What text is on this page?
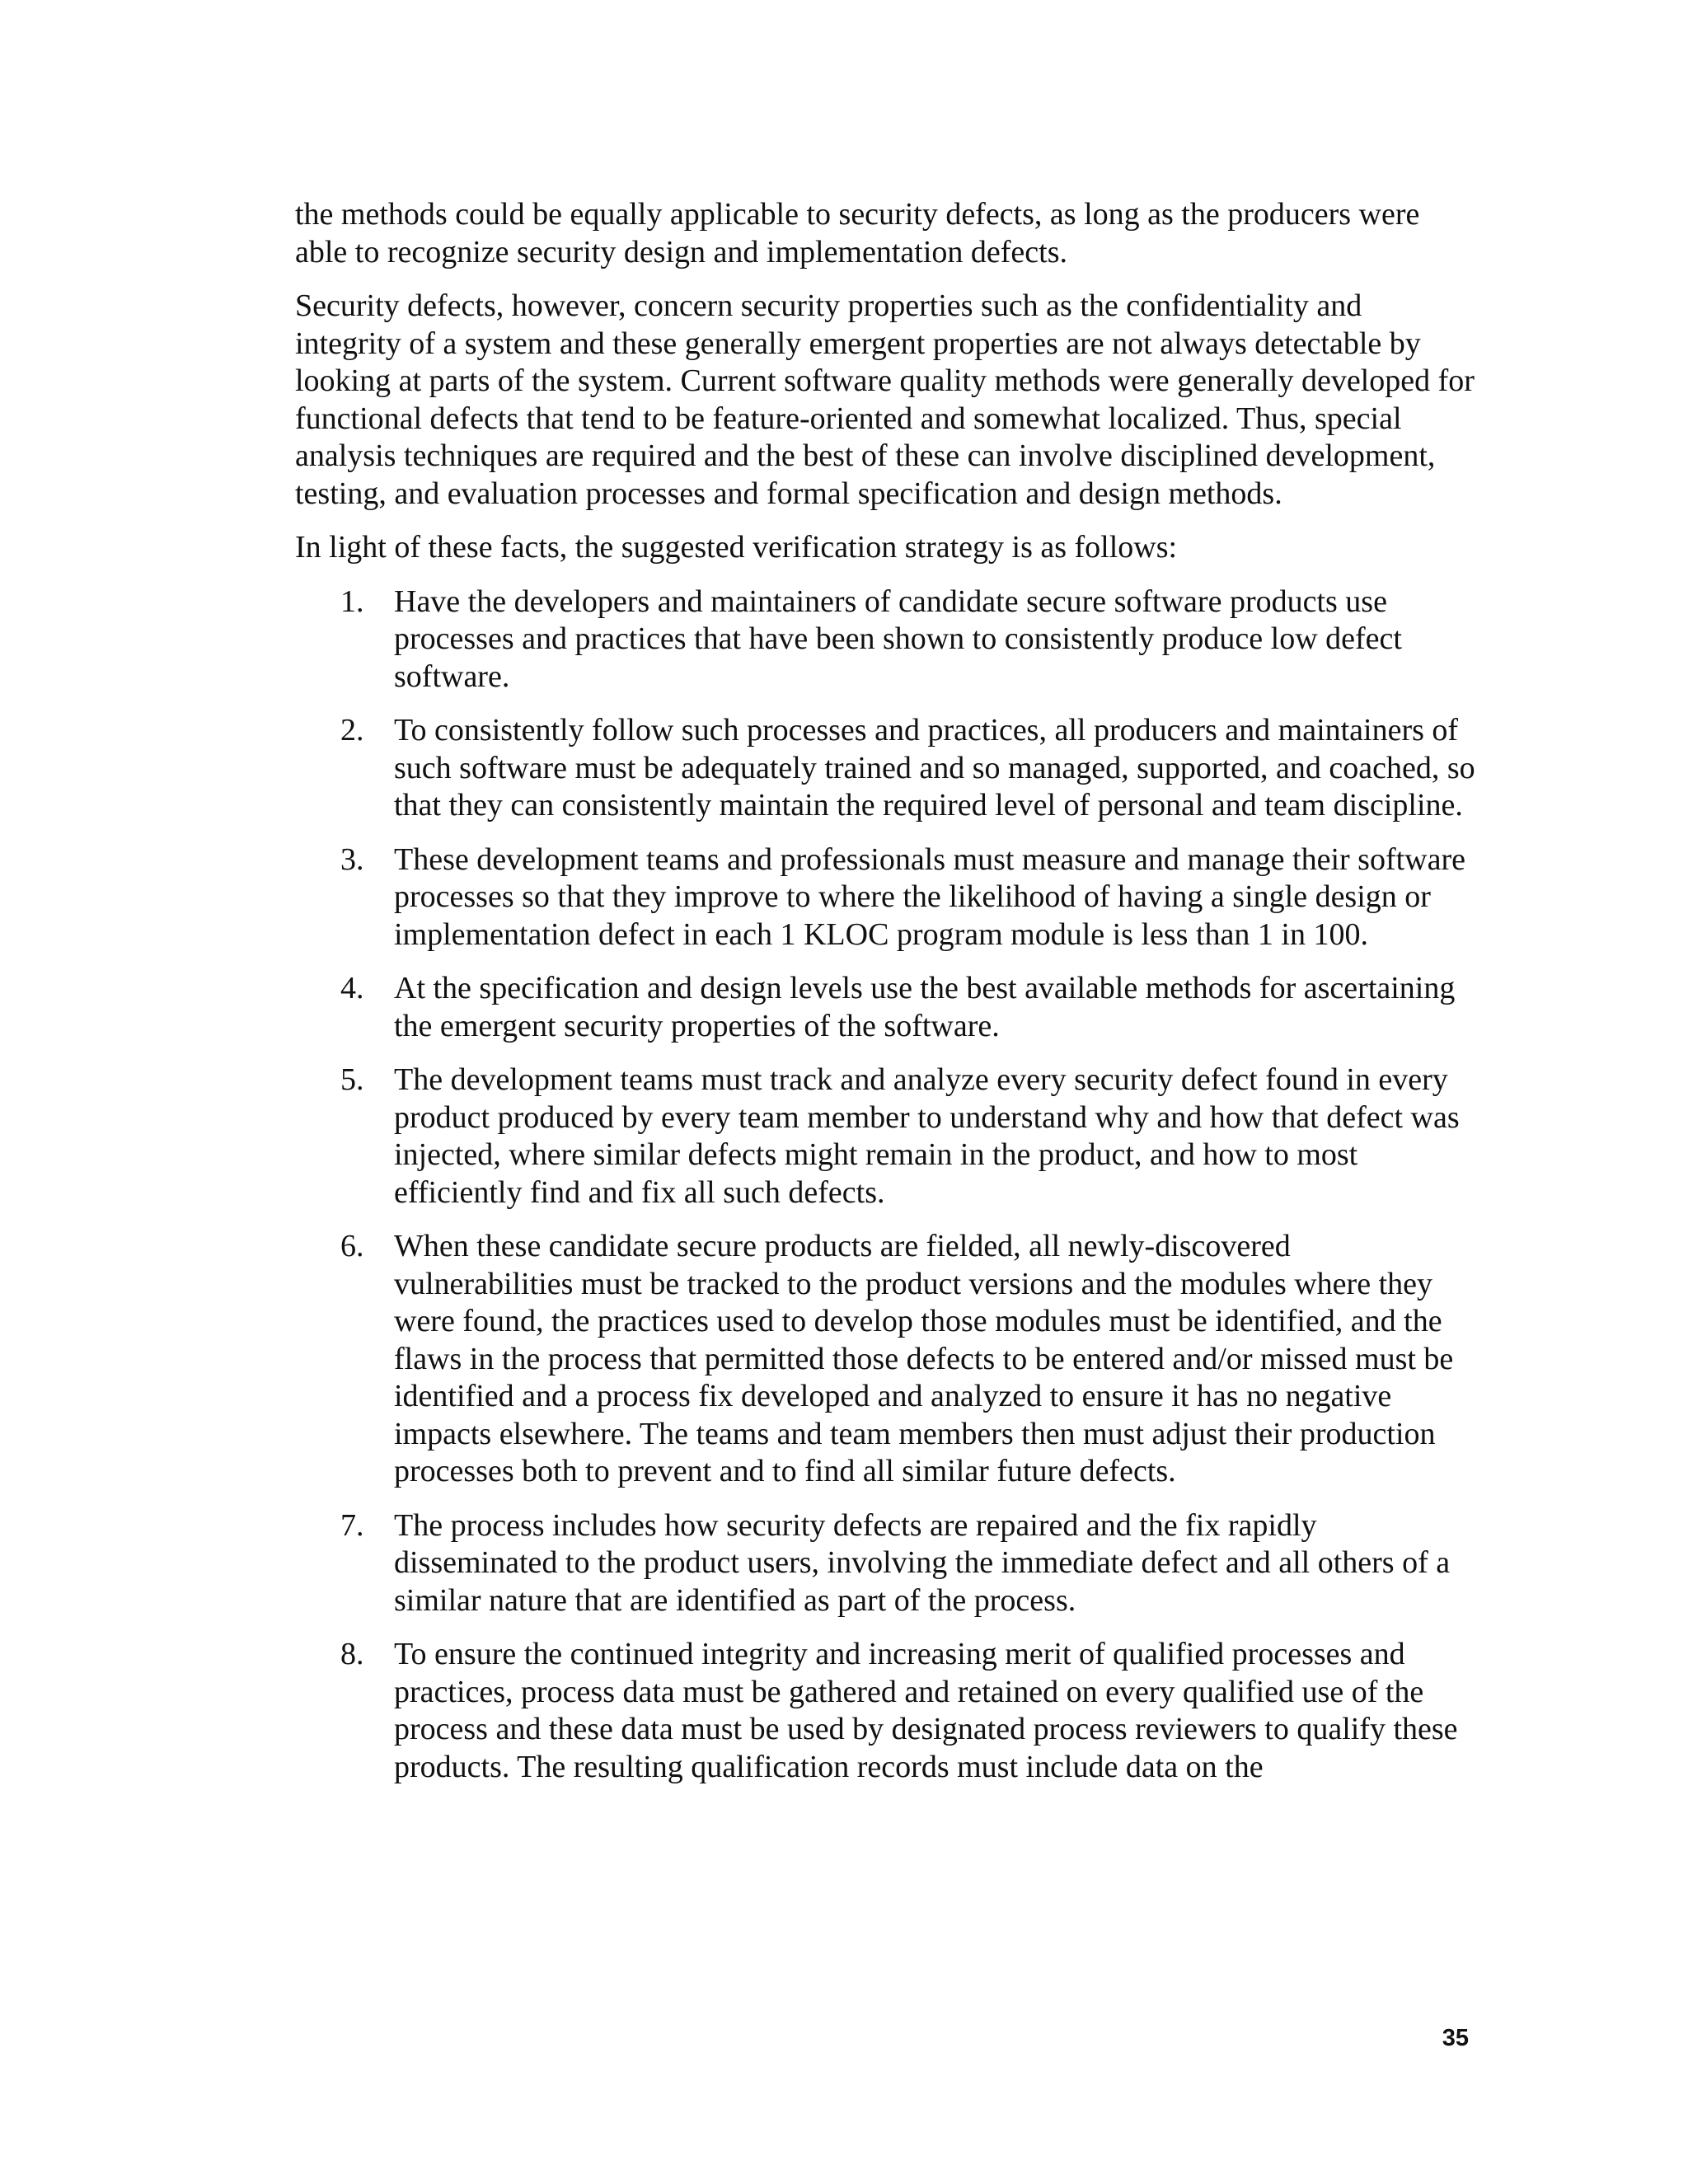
the methods could be equally applicable to security defects, as long as the producers were able to recognize security design and implementation defects.

Security defects, however, concern security properties such as the confidentiality and integrity of a system and these generally emergent properties are not always detectable by looking at parts of the system. Current software quality methods were generally developed for functional defects that tend to be feature-oriented and somewhat localized. Thus, special analysis techniques are required and the best of these can involve disciplined development, testing, and evaluation processes and formal specification and design methods.

In light of these facts, the suggested verification strategy is as follows:

1. Have the developers and maintainers of candidate secure software products use processes and practices that have been shown to consistently produce low defect software.
2. To consistently follow such processes and practices, all producers and maintainers of such software must be adequately trained and so managed, supported, and coached, so that they can consistently maintain the required level of personal and team discipline.
3. These development teams and professionals must measure and manage their software processes so that they improve to where the likelihood of having a single design or implementation defect in each 1 KLOC program module is less than 1 in 100.
4. At the specification and design levels use the best available methods for ascertaining the emergent security properties of the software.
5. The development teams must track and analyze every security defect found in every product produced by every team member to understand why and how that defect was injected, where similar defects might remain in the product, and how to most efficiently find and fix all such defects.
6. When these candidate secure products are fielded, all newly-discovered vulnerabilities must be tracked to the product versions and the modules where they were found, the practices used to develop those modules must be identified, and the flaws in the process that permitted those defects to be entered and/or missed must be identified and a process fix developed and analyzed to ensure it has no negative impacts elsewhere. The teams and team members then must adjust their production processes both to prevent and to find all similar future defects.
7. The process includes how security defects are repaired and the fix rapidly disseminated to the product users, involving the immediate defect and all others of a similar nature that are identified as part of the process.
8. To ensure the continued integrity and increasing merit of qualified processes and practices, process data must be gathered and retained on every qualified use of the process and these data must be used by designated process reviewers to qualify these products. The resulting qualification records must include data on the
35
